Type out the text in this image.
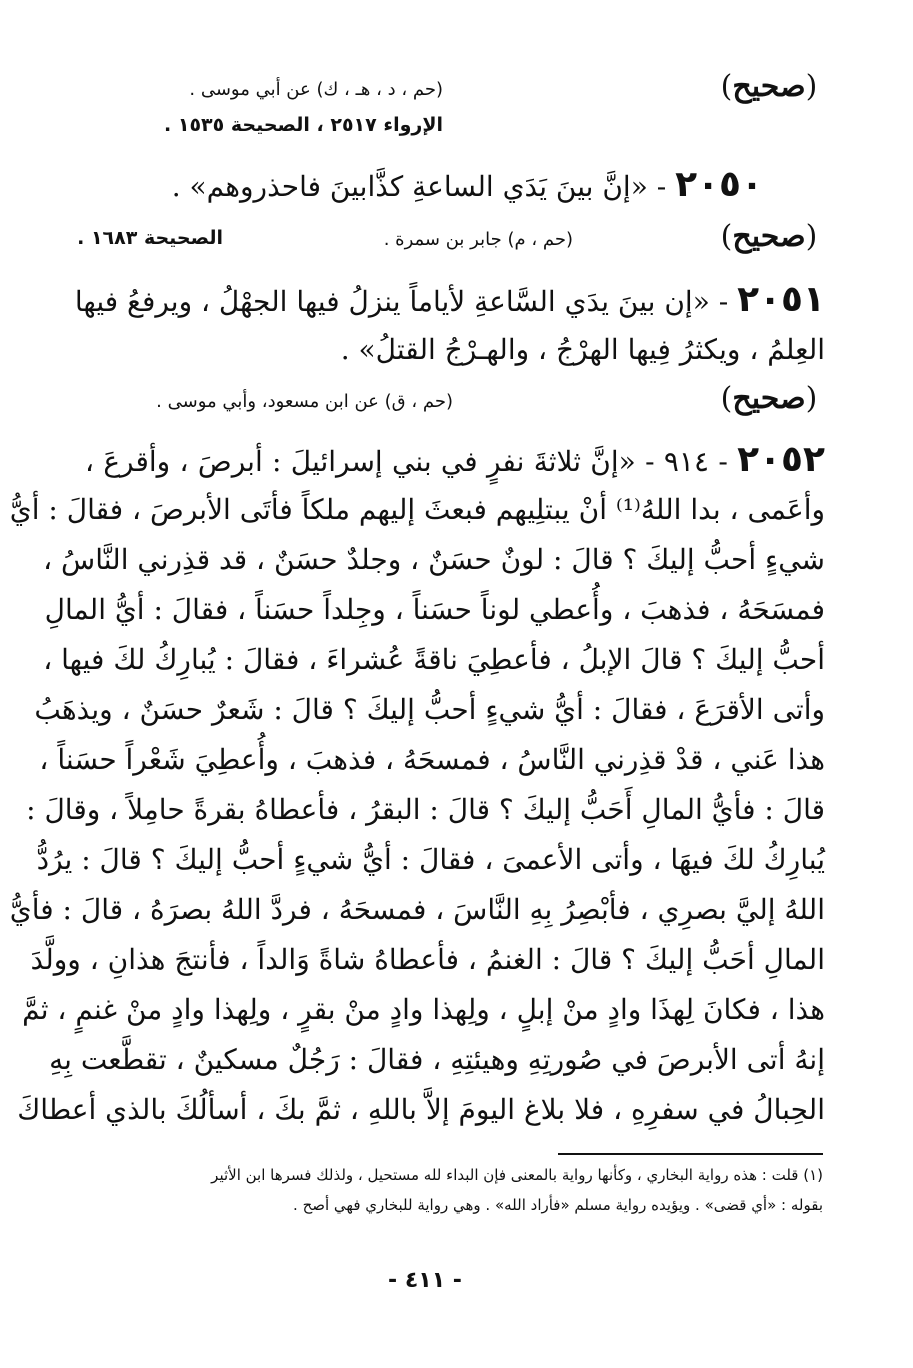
(صحيح)
(حم ، د ، هـ ، ك) عن أبي موسى .
الإرواء ٢٥١٧ ، الصحيحة ١٥٣٥ .
٢٠٥٠ - «إنَّ بينَ يَدَي الساعةِ كذَّابينَ فاحذروهم» .
(صحيح)
(حم ، م) جابر بن سمرة .
الصحيحة ١٦٨٣ .
٢٠٥١ - «إن بينَ يدَي السَّاعةِ لأياماً ينزلُ فيها الجهْلُ ، ويرفعُ فيها
العِلمُ ، ويكثرُ فِيها الهرْجُ ، والهـرْجُ القتلُ» .
(صحيح)
(حم ، ق) عن ابن مسعود، وأبي موسى .
٢٠٥٢ - ٩١٤ - «إنَّ ثلاثةَ نفرٍ في بني إسرائيلَ : أبرصَ ، وأقرعَ ،
وأعَمى ، بدا اللهُ⁽¹⁾ أنْ يبتلِيهم فبعثَ إليهم ملكاً فأتَى الأبرصَ ، فقالَ : أيُّ
شيءٍ أحبُّ إليكَ ؟ قالَ : لونٌ حسَنٌ ، وجلدٌ حسَنٌ ، قد قذِرني النَّاسُ ،
فمسَحَهُ ، فذهبَ ، وأُعطي لوناً حسَناً ، وجِلداً حسَناً ، فقالَ : أيُّ المالِ
أحبُّ إليكَ ؟ قالَ الإبلُ ، فأعطِيَ ناقةً عُشراءَ ، فقالَ : يُبارِكُ لكَ فيها ،
وأتى الأقرَعَ ، فقالَ : أيُّ شيءٍ أحبُّ إليكَ ؟ قالَ : شَعرٌ حسَنٌ ، ويذهَبُ
هذا عَني ، قدْ قذِرني النَّاسُ ، فمسحَهُ ، فذهبَ ، وأُعطِيَ شَعْراً حسَناً ،
قالَ : فأيُّ المالِ أَحَبُّ إليكَ ؟ قالَ : البقرُ ، فأعطاهُ بقرةً حامِلاً ، وقالَ :
يُبارِكُ لكَ فيهَا ، وأتى الأعمىَ ، فقالَ : أيُّ شيءٍ أحبُّ إليكَ ؟ قالَ : يرُدُّ
اللهُ إليَّ بصرِي ، فأبْصِرُ بِهِ النَّاسَ ، فمسحَهُ ، فردَّ اللهُ بصرَهُ ، قالَ : فأيُّ
المالِ أحَبُّ إليكَ ؟ قالَ : الغنمُ ، فأعطاهُ شاةً وَالداً ، فأنتجَ هذانِ ، وولَّدَ
هذا ، فكانَ لِهذَا وادٍ منْ إبلٍ ، ولِهذا وادٍ منْ بقرٍ ، ولِهذا وادٍ منْ غنمٍ ، ثمَّ
إنهُ أتى الأبرصَ في صُورتِهِ وهيئتِهِ ، فقالَ : رَجُلٌ مسكينٌ ، تقطَّعت بِهِ
الحِبالُ في سفرِهِ ، فلا بلاغ اليومَ إلاَّ باللهِ ، ثمَّ بكَ ، أسألُكَ بالذي أعطاكَ
(١) قلت : هذه رواية البخاري ، وكأنها رواية بالمعنى فإن البداء لله مستحيل ، ولذلك فسرها ابن الأثير
بقوله : «أي قضى» . ويؤيده رواية مسلم «فأراد الله» . وهي رواية للبخاري فهي أصح .
- ٤١١ -
